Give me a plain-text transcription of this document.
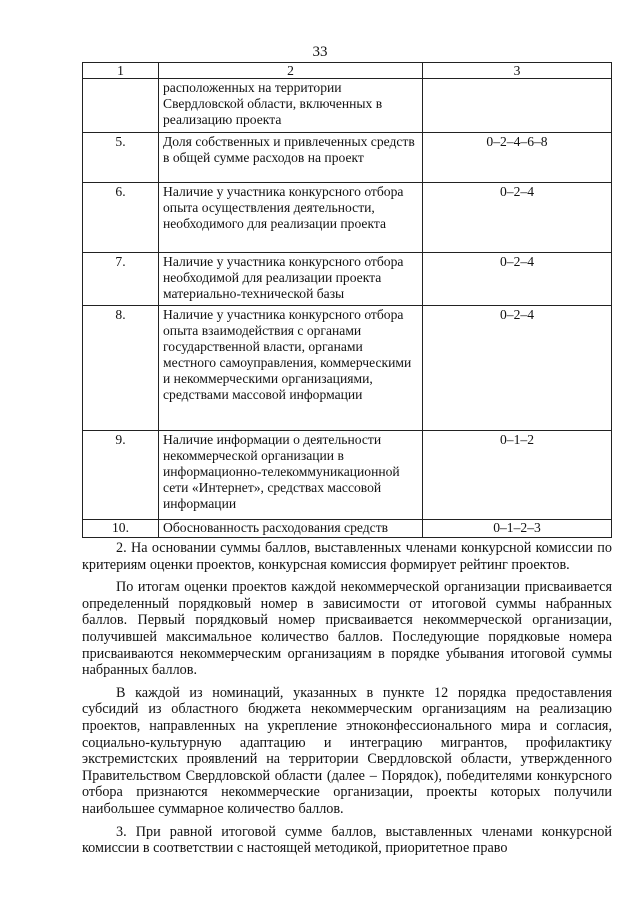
33
1	2	3
	расположенных на территории Свердловской области, включенных в реализацию проекта	
5.	Доля собственных и привлеченных средств в общей сумме расходов на проект	0–2–4–6–8
6.	Наличие у участника конкурсного отбора опыта осуществления деятельности, необходимого для реализации проекта	0–2–4
7.	Наличие у участника конкурсного отбора необходимой для реализации проекта материально-технической базы	0–2–4
8.	Наличие у участника конкурсного отбора опыта взаимодействия с органами государственной власти, органами местного самоуправления, коммерческими и некоммерческими организациями, средствами массовой информации	0–2–4
9.	Наличие информации о деятельности некоммерческой организации в информационно-телекоммуникационной сети «Интернет», средствах массовой информации	0–1–2
10.	Обоснованность расходования средств	0–1–2–3

2. На основании суммы баллов, выставленных членами конкурсной комиссии по критериям оценки проектов, конкурсная комиссия формирует рейтинг проектов.

По итогам оценки проектов каждой некоммерческой организации присваивается определенный порядковый номер в зависимости от итоговой суммы набранных баллов. Первый порядковый номер присваивается некоммерческой организации, получившей максимальное количество баллов. Последующие порядковые номера присваиваются некоммерческим организациям в порядке убывания итоговой суммы набранных баллов.

В каждой из номинаций, указанных в пункте 12 порядка предоставления субсидий из областного бюджета некоммерческим организациям на реализацию проектов, направленных на укрепление этноконфессионального мира и согласия, социально-культурную адаптацию и интеграцию мигрантов, профилактику экстремистских проявлений на территории Свердловской области, утвержденного Правительством Свердловской области (далее – Порядок), победителями конкурсного отбора признаются некоммерческие организации, проекты которых получили наибольшее суммарное количество баллов.

3. При равной итоговой сумме баллов, выставленных членами конкурсной комиссии в соответствии с настоящей методикой, приоритетное право
